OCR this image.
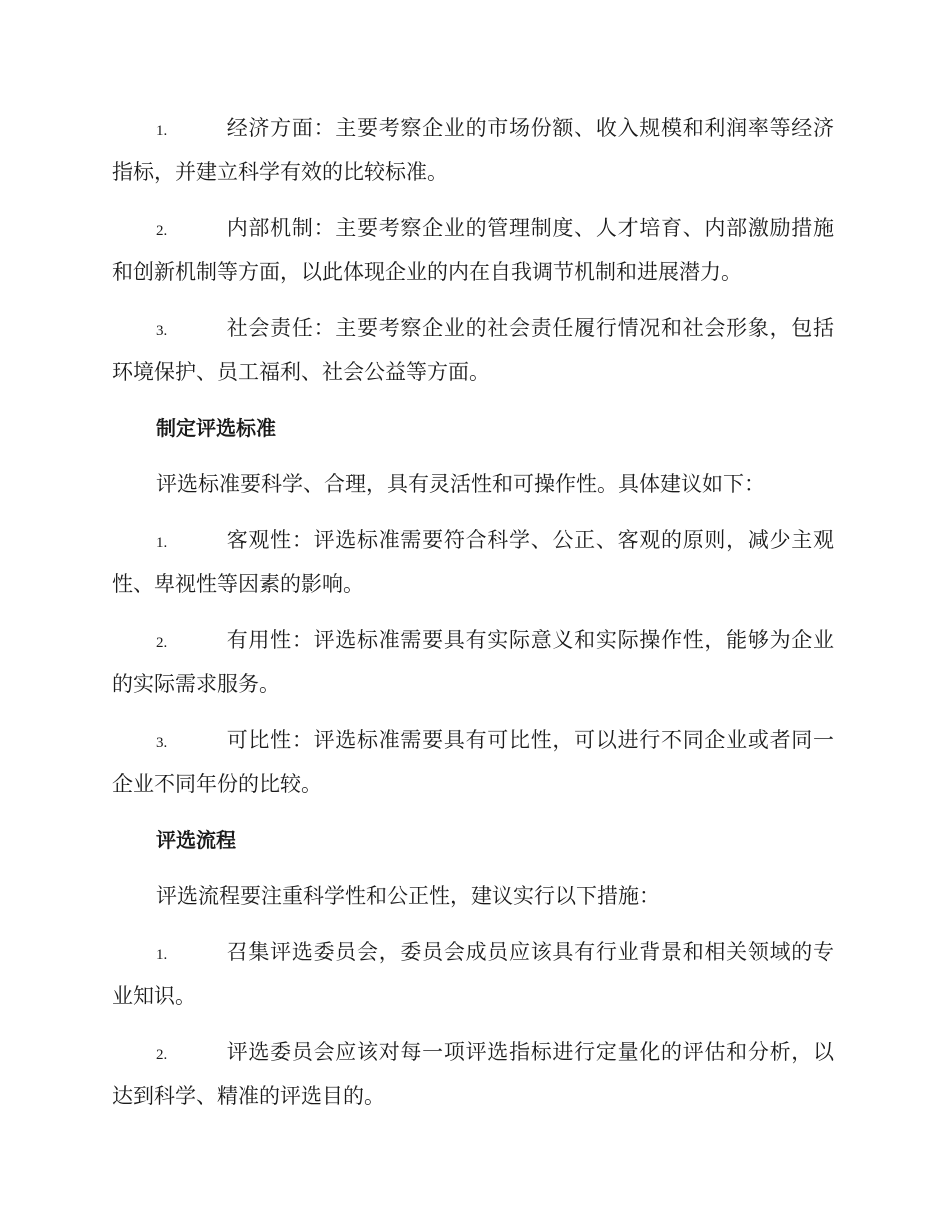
1.	经济方面：主要考察企业的市场份额、收入规模和利润率等经济指标，并建立科学有效的比较标准。

2.	内部机制：主要考察企业的管理制度、人才培育、内部激励措施和创新机制等方面，以此体现企业的内在自我调节机制和进展潜力。

3.	社会责任：主要考察企业的社会责任履行情况和社会形象，包括环境保护、员工福利、社会公益等方面。

制定评选标准

评选标准要科学、合理，具有灵活性和可操作性。具体建议如下：

1.	客观性：评选标准需要符合科学、公正、客观的原则，减少主观性、卑视性等因素的影响。

2.	有用性：评选标准需要具有实际意义和实际操作性，能够为企业的实际需求服务。

3.	可比性：评选标准需要具有可比性，可以进行不同企业或者同一企业不同年份的比较。

评选流程

评选流程要注重科学性和公正性，建议实行以下措施：

1.	召集评选委员会，委员会成员应该具有行业背景和相关领域的专业知识。

2.	评选委员会应该对每一项评选指标进行定量化的评估和分析，以达到科学、精准的评选目的。
